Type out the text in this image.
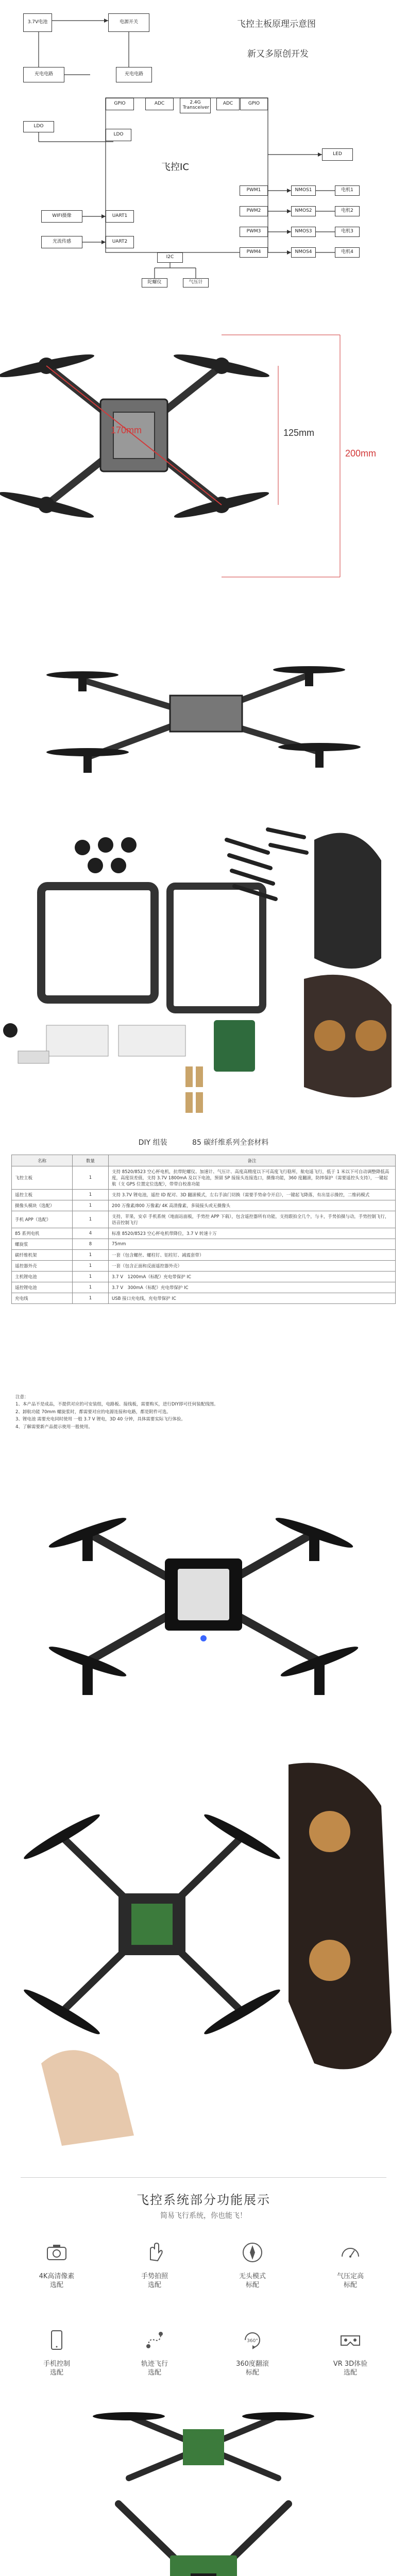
飞控主板原理示意图
新又多原创开发
3.7V电池	电源开关
充电电路	充电电路
LDO
GPIO	ADC	2.4G
Transceiver
ADC	GPIO
LED
LDO
飞控IC
WIFI摄像
光流传感
UART1
UART2
PWM1
PWM2
PWM3
PWM4
NMOS1
NMOS2
NMOS3
NMOS4
电机1
电机2
电机3
电机4
I2C
陀螺仪	气压计
125mm
170mm
200mm
DIY 组装	85 碳纤维系列全套材料
名称	数量	备注
飞控主板	1	支持 8520/8523 空心杯电机，抗带陀螺仪、加速计、气压计、高度高精度以下可高度飞行稳所，航电遥飞行，低于 1 米以下可自动调整降低高度，高度误差值，支持 3.7V 1800mA 及以下电池，预留 SP 接接头连接选口，摄像功能，360 度翻滚，防摔保护（需要遥控头支持），一键起航（支 GPS 位置定位选配），带带自校准功能
遥控主板	1	支持 3.7V 锂电池，遥控 ID 配对、3D 翻滚模式，左右手油门切换（需要手势命令开启），一键起飞降落，有出显示操控，二维码模式
摄像头模块（选配）	1	200 万像素/800 万像素/ 4K 高清像素，多镜接头或无摄像头
手机 APP（选配）	1	支持，苹果，安卓 手机系统（地面站面板，手势控 APP 下载），包含遥控器所有功能，支持跟拍全几个，与卡，手势拍摄与动，手势控制飞行，语音控制飞行
85 系列电机	4	标准 8520/8523 空心杯电机带降位，3.7 V 转速十万
螺旋浆	8	75mm
碳纤维机架	1	一套（包含螺丝、螺柱钉、铝柱钉、减震套带）
遥控器外壳	1	一套（包含正面和反面遥控器外壳）
主机锂电池	1	3.7 V　1200mA（标配）充电带保护 IC
遥控锂电池	1	3.7 V　300mA（标配）充电带保护 IC
充电线	1	USB 接口充电线，充电带保护 IC
注意：
1、本产品不是成品，不提供对应的可安装组，电路板、接线板，需要购买，进行DIY即可任何装配线图。
2、卸航功能 70mm 螺旋浆时，都需要对应的电源连接和电路，都是附件可选。
3、锂电池 需要充电同时使用 一般 3.7 V 锂电，3D 40 分钟，具体需要实际飞行体验。
4、了解需要新产品提示使用一般使用。
飞控系统部分功能展示
简易飞行系统，你也能飞！
4K高清像素
选配
手势拍照
选配
无头模式
标配
气压定高
标配
手机控制
选配
轨迹飞行
选配
360°
360度翻滚
标配
VR 3D体验
选配
